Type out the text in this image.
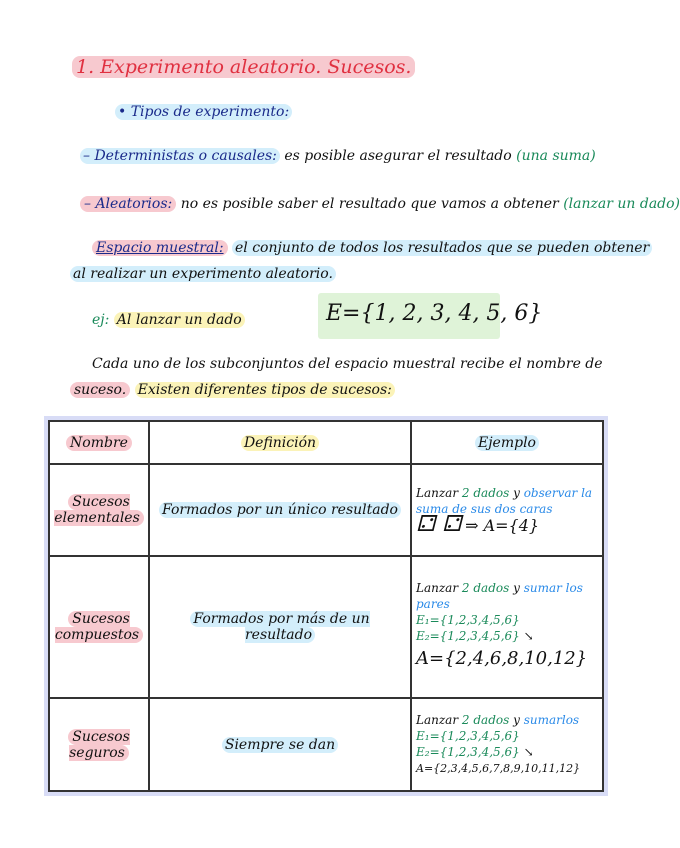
1. Experimento aleatorio. Sucesos.
• Tipos de experimento:
– Deterministas o causales: es posible asegurar el resultado (una suma)
– Aleatorios: no es posible saber el resultado que vamos a obtener (lanzar un dado)
Espacio muestral: el conjunto de todos los resultados que se pueden obtener
al realizar un experimento aleatorio.
ej: Al lanzar un dado	E={1, 2, 3, 4, 5, 6}
Cada uno de los subconjuntos del espacio muestral recibe el nombre de
suceso. Existen diferentes tipos de sucesos:
Nombre	Definición	Ejemplo
Sucesos elementales	Formados por un único resultado	Lanzar 2 dados y observar la suma de sus dos caras
⚁ ⚁ ⇒ A={4}
Sucesos compuestos	Formados por más de un resultado	Lanzar 2 dados y sumar los pares
E₁={1,2,3,4,5,6}
E₂={1,2,3,4,5,6} ↘
A={2,4,6,8,10,12}
Sucesos seguros	Siempre se dan	Lanzar 2 dados y sumarlos
E₁={1,2,3,4,5,6}
E₂={1,2,3,4,5,6} ↘
A={2,3,4,5,6,7,8,9,10,11,12}
